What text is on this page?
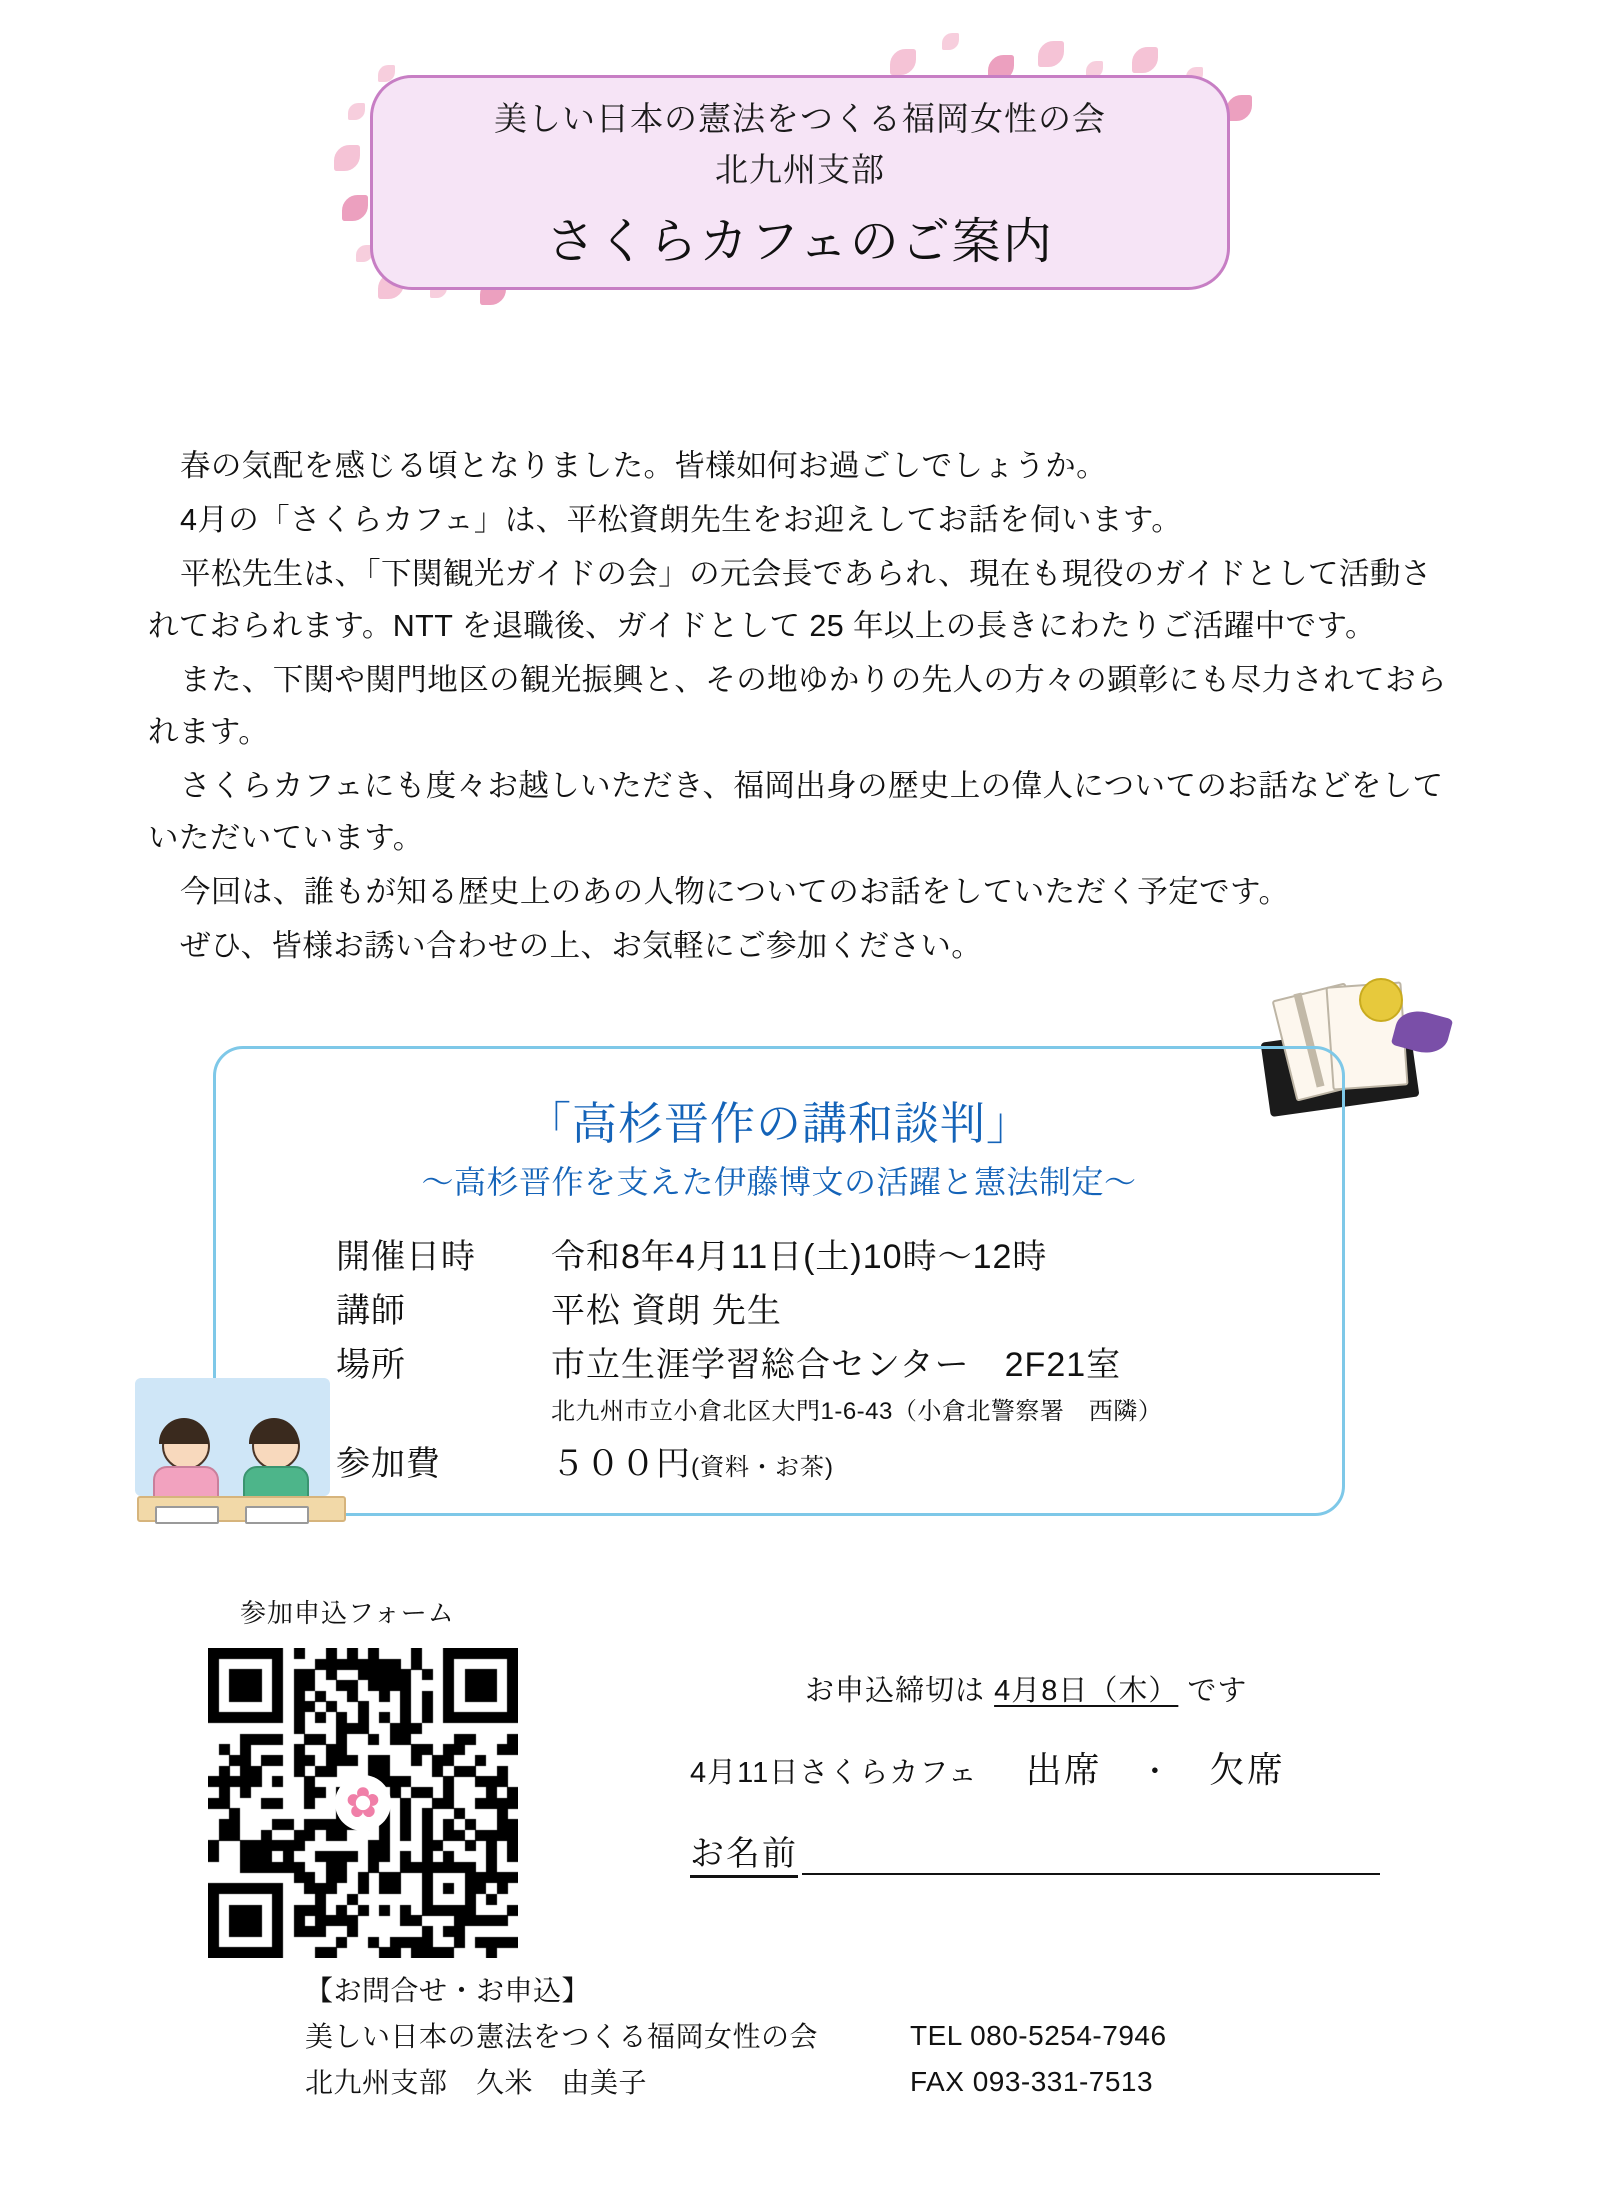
美しい日本の憲法をつくる福岡女性の会
北九州支部
さくらカフェのご案内

春の気配を感じる頃となりました。皆様如何お過ごしでしょうか。

4月の「さくらカフェ」は、平松資朗先生をお迎えしてお話を伺います。

平松先生は、「下関観光ガイドの会」の元会長であられ、現在も現役のガイドとして活動されておられます。NTT を退職後、ガイドとして 25 年以上の長きにわたりご活躍中です。

また、下関や関門地区の観光振興と、その地ゆかりの先人の方々の顕彰にも尽力されておられます。

さくらカフェにも度々お越しいただき、福岡出身の歴史上の偉人についてのお話などをしていただいています。

今回は、誰もが知る歴史上のあの人物についてのお話をしていただく予定です。

ぜひ、皆様お誘い合わせの上、お気軽にご参加ください。

「高杉晋作の講和談判」
〜高杉晋作を支えた伊藤博文の活躍と憲法制定〜
開催日時	令和8年4月11日(土)10時〜12時
講師	平松 資朗 先生
場所	市立生涯学習総合センター　2F21室
北九州市立小倉北区大門1-6-43（小倉北警察署　西隣）
参加費	５００円(資料・お茶)
参加申込フォーム
✿
お申込締切は 4月8日（木） です
4月11日さくらカフェ 出席 ・ 欠席
お名前
【お問合せ・お申込】
美しい日本の憲法をつくる福岡女性の会
北九州支部　久米　由美子
TEL 080-5254-7946
FAX 093-331-7513
